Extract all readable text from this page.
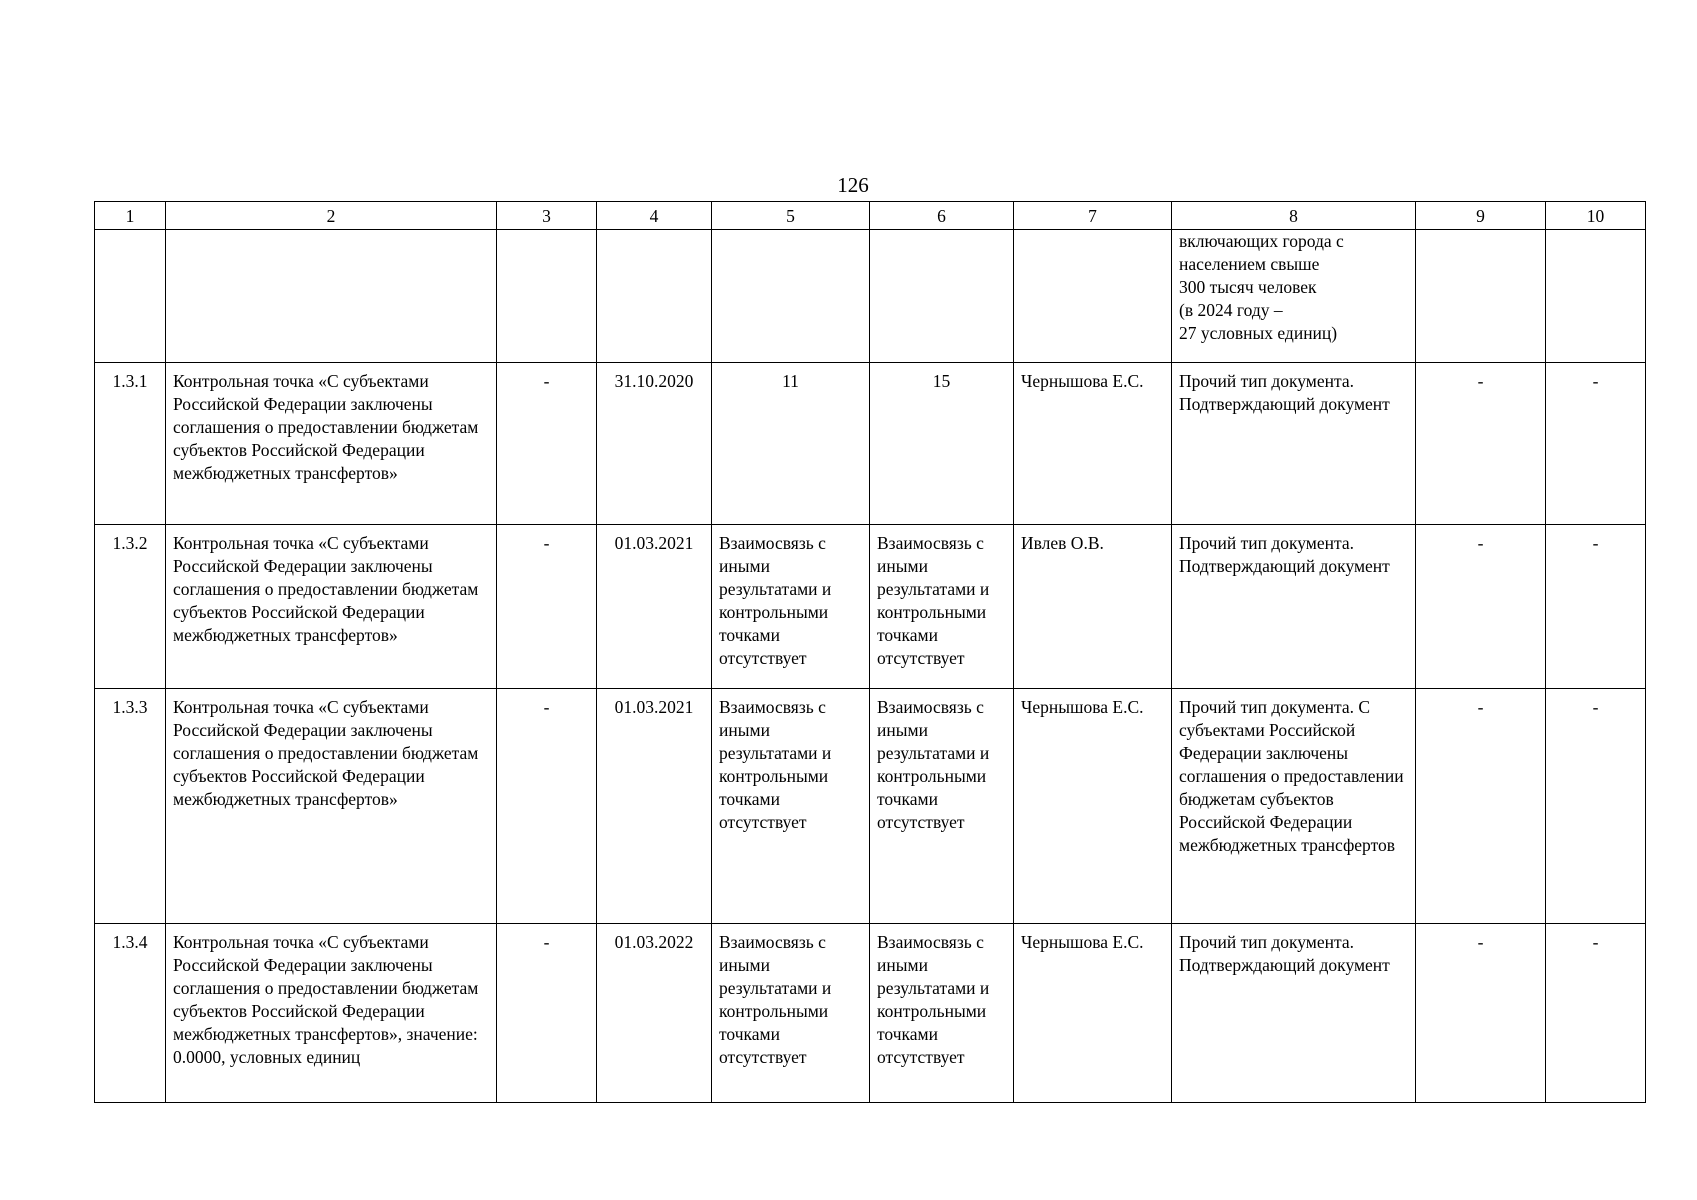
126
1	2	3	4	5	6	7	8	9	10
							включающих города с
населением свыше
300 тысяч человек
(в 2024 году –
27 условных единиц)		
1.3.1	Контрольная точка «С субъектами Российской Федерации заключены соглашения о предоставлении бюджетам субъектов Российской Федерации межбюджетных трансфертов»	-	31.10.2020	11	15	Чернышова Е.С.	Прочий тип документа. Подтверждающий документ	-	-
1.3.2	Контрольная точка «С субъектами Российской Федерации заключены соглашения о предоставлении бюджетам субъектов Российской Федерации межбюджетных трансфертов»	-	01.03.2021	Взаимосвязь с иными результатами и контрольными точками отсутствует	Взаимосвязь с иными результатами и контрольными точками отсутствует	Ивлев О.В.	Прочий тип документа. Подтверждающий документ	-	-
1.3.3	Контрольная точка «С субъектами Российской Федерации заключены соглашения о предоставлении бюджетам субъектов Российской Федерации межбюджетных трансфертов»	-	01.03.2021	Взаимосвязь с иными результатами и контрольными точками отсутствует	Взаимосвязь с иными результатами и контрольными точками отсутствует	Чернышова Е.С.	Прочий тип документа. С субъектами Российской Федерации заключены соглашения о предоставлении бюджетам субъектов Российской Федерации межбюджетных трансфертов	-	-
1.3.4	Контрольная точка «С субъектами Российской Федерации заключены соглашения о предоставлении бюджетам субъектов Российской Федерации межбюджетных трансфертов», значение: 0.0000, условных единиц	-	01.03.2022	Взаимосвязь с иными результатами и контрольными точками отсутствует	Взаимосвязь с иными результатами и контрольными точками отсутствует	Чернышова Е.С.	Прочий тип документа. Подтверждающий документ	-	-
